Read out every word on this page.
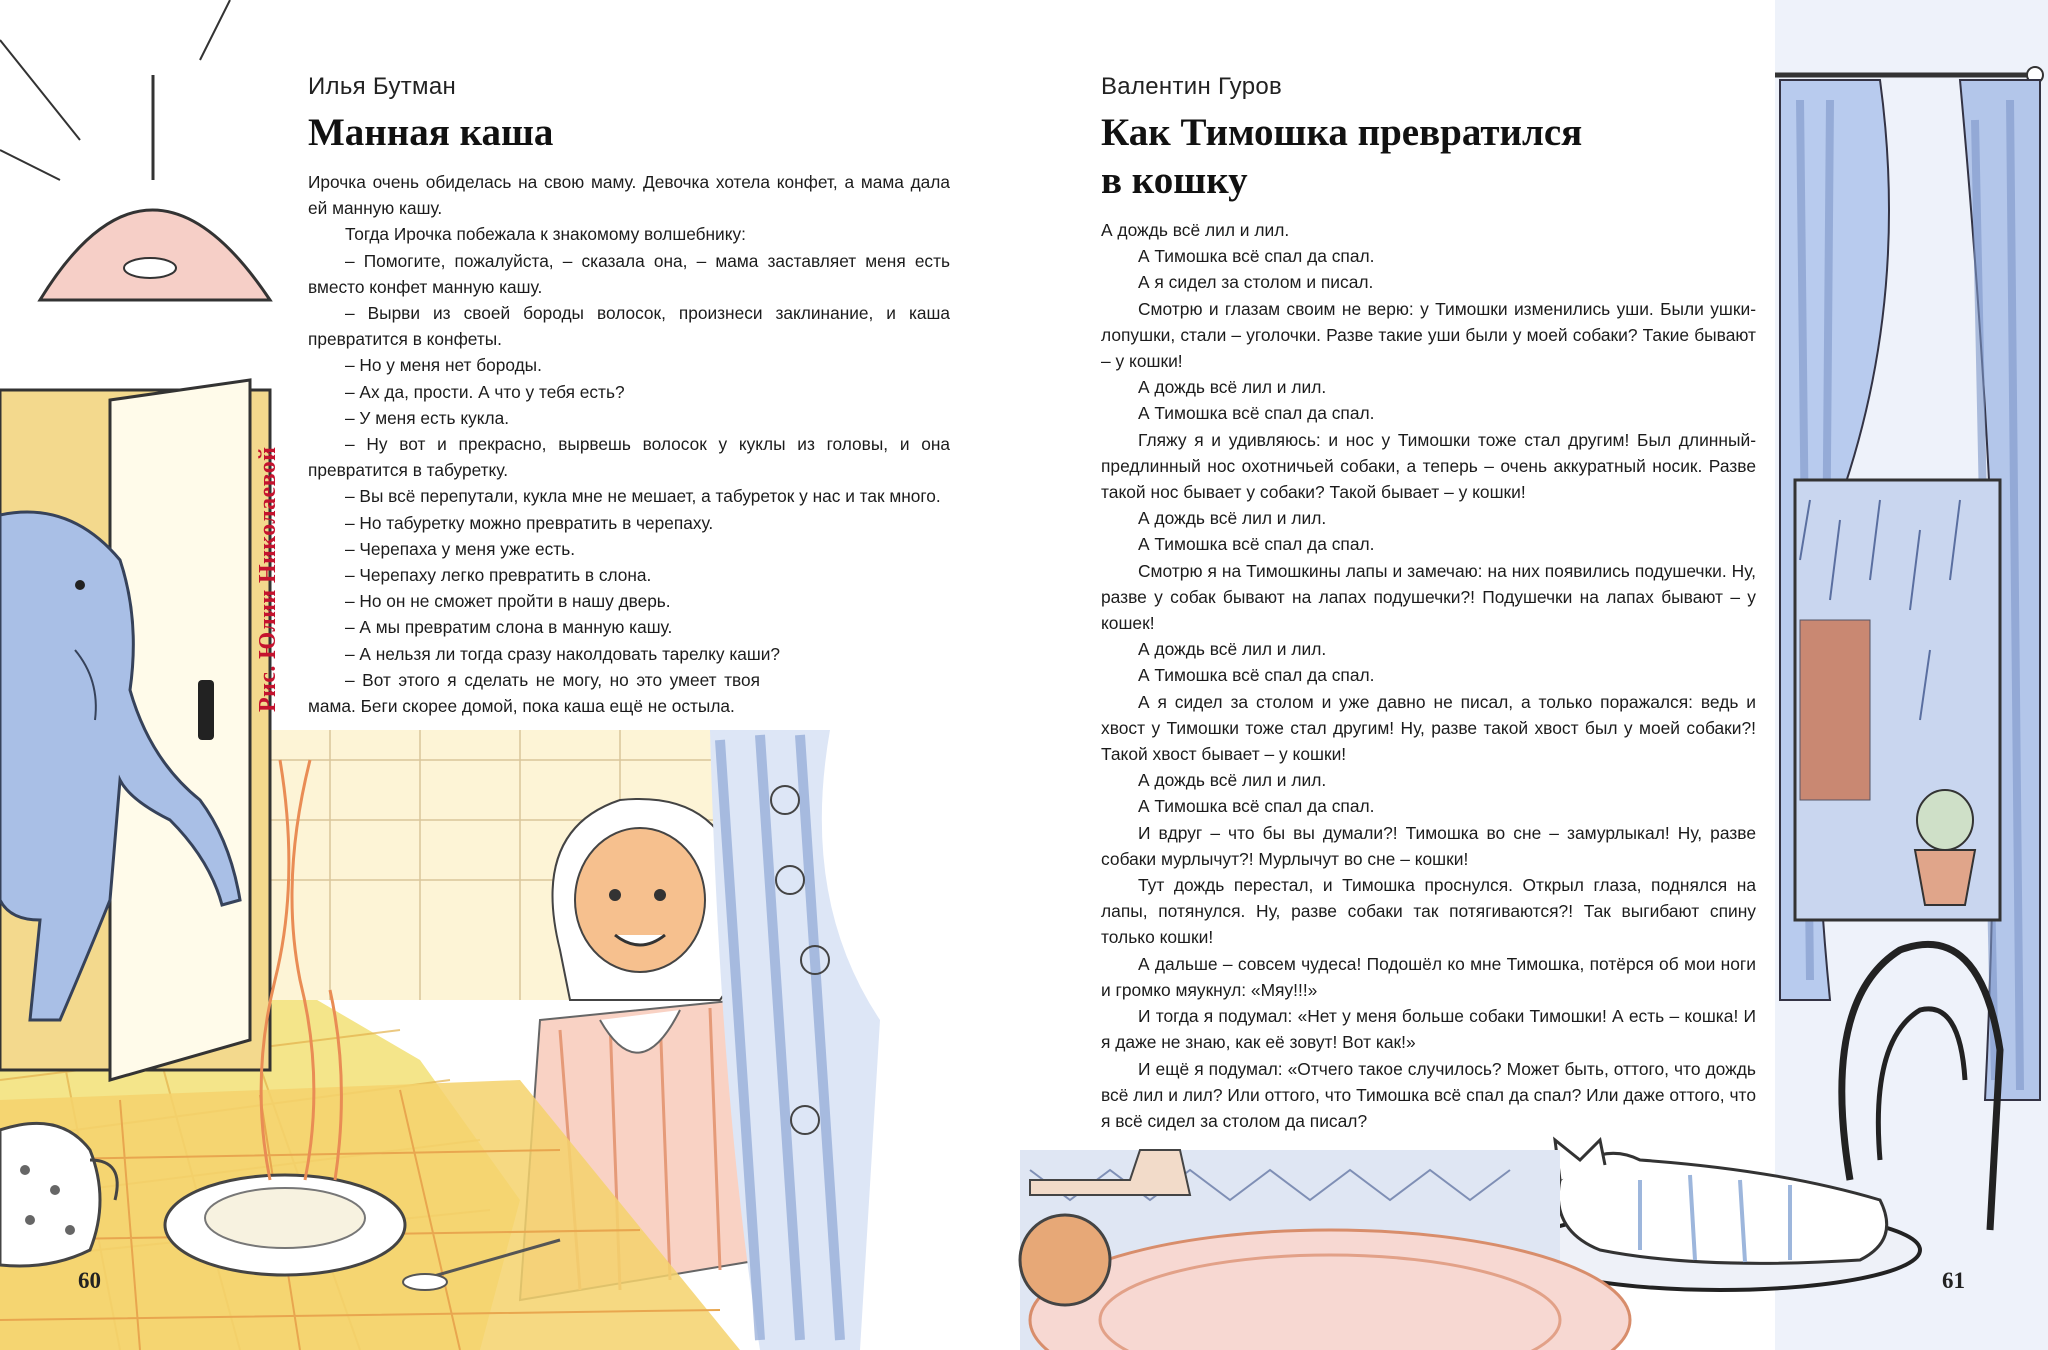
Илья Бутман
Манная каша

Ирочка очень обиделась на свою маму. Девочка хотела конфет, а мама дала ей манную кашу.

Тогда Ирочка побежала к знакомому волшебнику:

– Помогите, пожалуйста, – сказала она, – мама заставляет меня есть вместо конфет манную кашу.

– Вырви из своей бороды волосок, произнеси заклинание, и каша превратится в конфеты.

– Но у меня нет бороды.

– Ах да, прости. А что у тебя есть?

– У меня есть кукла.

– Ну вот и прекрасно, вырвешь волосок у куклы из головы, и она превратится в табуретку.

– Вы всё перепутали, кукла мне не мешает, а табуреток у нас и так много.

– Но табуретку можно превратить в черепаху.

– Черепаха у меня уже есть.

– Черепаху легко превратить в слона.

– Но он не сможет пройти в нашу дверь.

– А мы превратим слона в манную кашу.

– А нельзя ли тогда сразу наколдовать тарелку каши?

– Вот этого я сделать не могу, но это умеет твоя мама. Беги скорее домой, пока каша ещё не остыла.

Рис. Юлии Николаевой
60
Валентин Гуров
Как Тимошка превратился
в кошку

А дождь всё лил и лил.

А Тимошка всё спал да спал.

А я сидел за столом и писал.

Смотрю и глазам своим не верю: у Тимошки изменились уши. Были ушки-лопушки, стали – уголочки. Разве такие уши были у моей собаки? Такие бывают – у кошки!

А дождь всё лил и лил.

А Тимошка всё спал да спал.

Гляжу я и удивляюсь: и нос у Тимошки тоже стал другим! Был длинный-предлинный нос охотничьей собаки, а теперь – очень аккуратный носик. Разве такой нос бывает у собаки? Такой бывает – у кошки!

А дождь всё лил и лил.

А Тимошка всё спал да спал.

Смотрю я на Тимошкины лапы и замечаю: на них появились подушечки. Ну, разве у собак бывают на лапах подушечки?! Подушечки на лапах бывают – у кошек!

А дождь всё лил и лил.

А Тимошка всё спал да спал.

А я сидел за столом и уже давно не писал, а только поражался: ведь и хвост у Тимошки тоже стал другим! Ну, разве такой хвост был у моей собаки?! Такой хвост бывает – у кошки!

А дождь всё лил и лил.

А Тимошка всё спал да спал.

И вдруг – что бы вы думали?! Тимошка во сне – замурлыкал! Ну, разве собаки мурлычут?! Мурлычут во сне – кошки!

Тут дождь перестал, и Тимошка проснулся. Открыл глаза, поднялся на лапы, потянулся. Ну, разве собаки так потягиваются?! Так выгибают спину только кошки!

А дальше – совсем чудеса! Подошёл ко мне Тимошка, потёрся об мои ноги и громко мяукнул: «Мяу!!!»

И тогда я подумал: «Нет у меня больше собаки Тимошки! А есть – кошка! И я даже не знаю, как её зовут! Вот как!»

И ещё я подумал: «Отчего такое случилось? Может быть, оттого, что дождь всё лил и лил? Или оттого, что Тимошка всё спал да спал? Или даже оттого, что я всё сидел за столом да писал?

61
